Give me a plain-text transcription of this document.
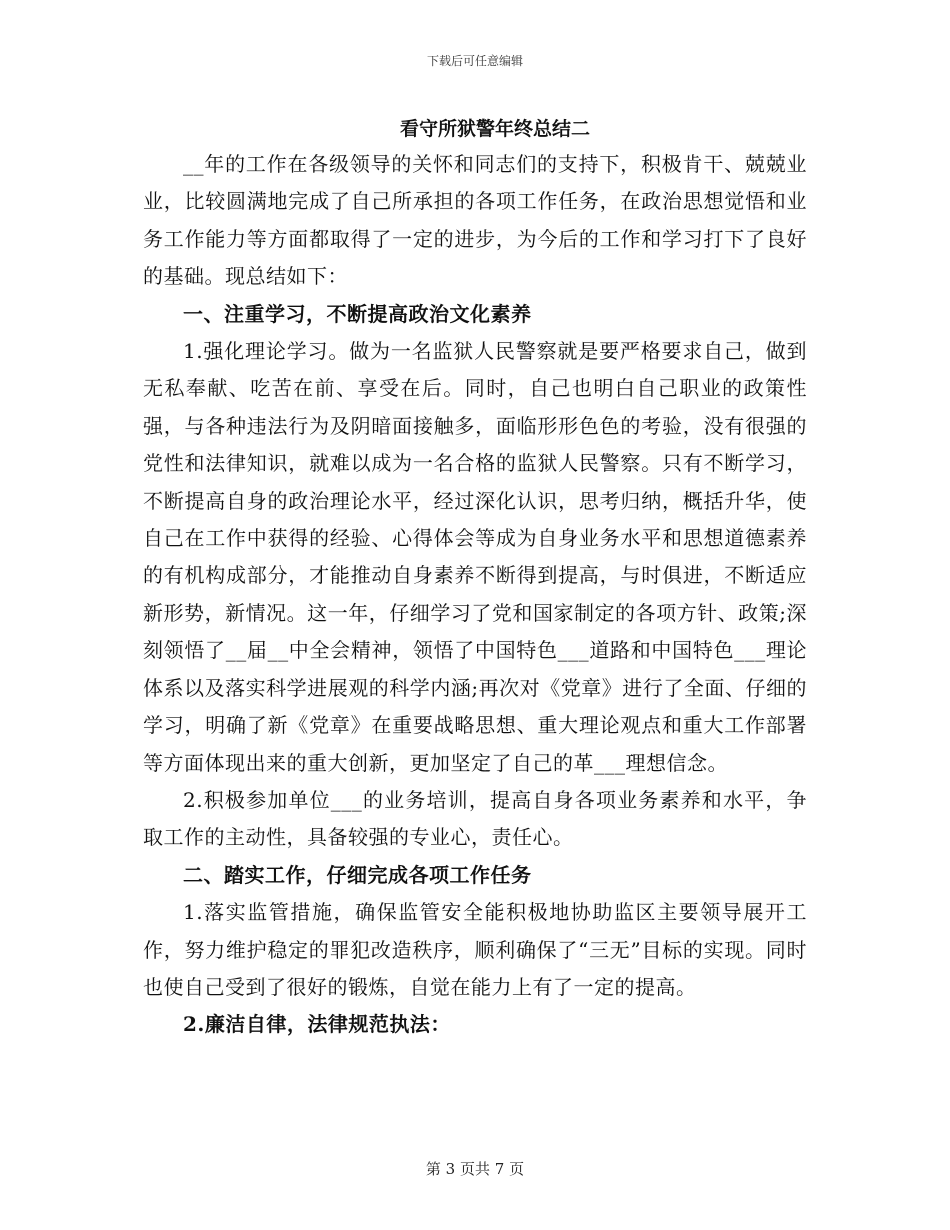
下载后可任意编辑
看守所狱警年终总结二

__年的工作在各级领导的关怀和同志们的支持下，积极肯干、兢兢业业，比较圆满地完成了自己所承担的各项工作任务，在政治思想觉悟和业务工作能力等方面都取得了一定的进步，为今后的工作和学习打下了良好的基础。现总结如下：

一、注重学习，不断提高政治文化素养

1.强化理论学习。做为一名监狱人民警察就是要严格要求自己，做到无私奉献、吃苦在前、享受在后。同时，自己也明白自己职业的政策性强，与各种违法行为及阴暗面接触多，面临形形色色的考验，没有很强的党性和法律知识，就难以成为一名合格的监狱人民警察。只有不断学习，不断提高自身的政治理论水平，经过深化认识，思考归纳，概括升华，使自己在工作中获得的经验、心得体会等成为自身业务水平和思想道德素养的有机构成部分，才能推动自身素养不断得到提高，与时俱进，不断适应新形势，新情况。这一年，仔细学习了党和国家制定的各项方针、政策;深刻领悟了__届__中全会精神，领悟了中国特色___道路和中国特色___理论体系以及落实科学进展观的科学内涵;再次对《党章》进行了全面、仔细的学习，明确了新《党章》在重要战略思想、重大理论观点和重大工作部署等方面体现出来的重大创新，更加坚定了自己的革___理想信念。

2.积极参加单位___的业务培训，提高自身各项业务素养和水平，争取工作的主动性，具备较强的专业心，责任心。

二、踏实工作，仔细完成各项工作任务

1.落实监管措施，确保监管安全能积极地协助监区主要领导展开工作，努力维护稳定的罪犯改造秩序，顺利确保了“三无”目标的实现。同时也使自己受到了很好的锻炼，自觉在能力上有了一定的提高。

2.廉洁自律，法律规范执法：

第 3 页共 7 页
